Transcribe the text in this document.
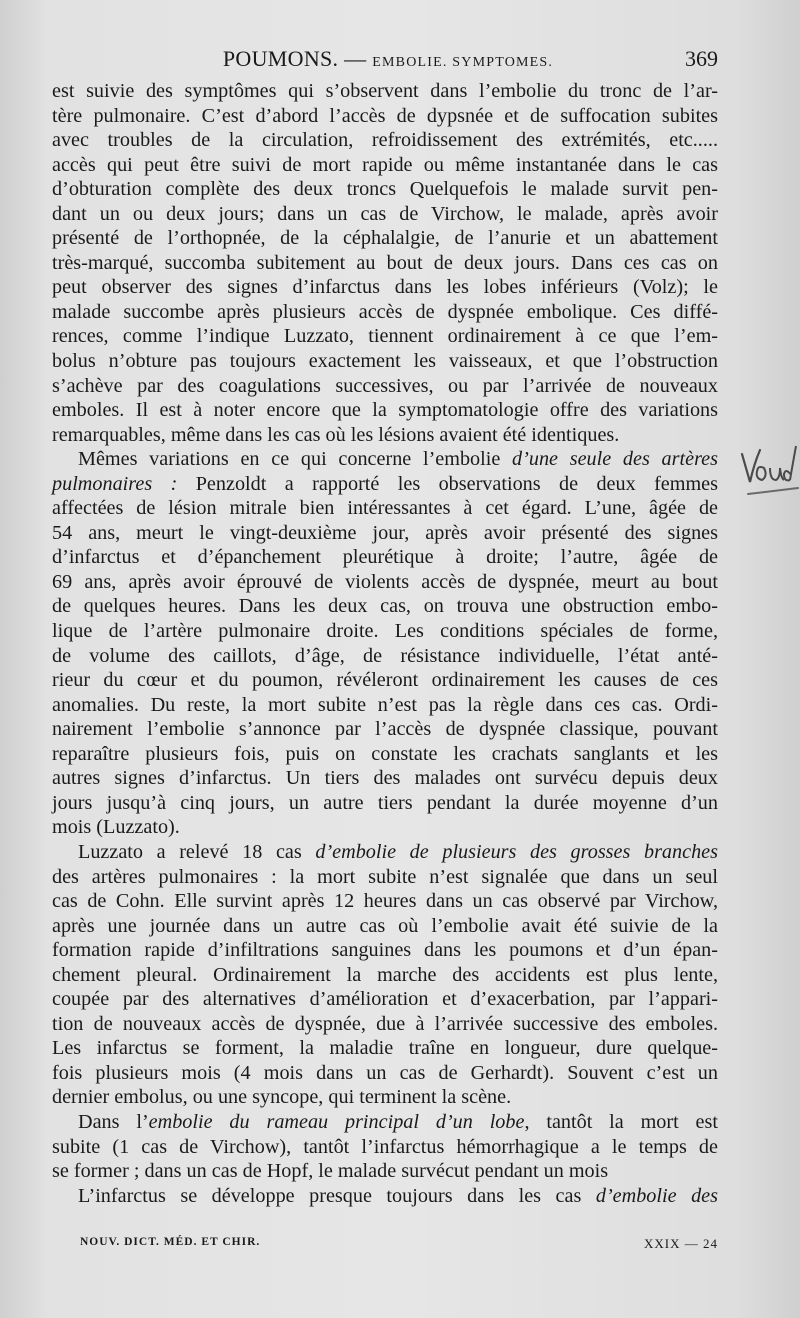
POUMONS. — EMBOLIE. SYMPTOMES.	369
est suivie des symptômes qui s’observent dans l’embolie du tronc de l’ar-
tère pulmonaire. C’est d’abord l’accès de dypsnée et de suffocation subites
avec troubles de la circulation, refroidissement des extrémités, etc.....
accès qui peut être suivi de mort rapide ou même instantanée dans le cas
d’obturation complète des deux troncs Quelquefois le malade survit pen-
dant un ou deux jours; dans un cas de Virchow, le malade, après avoir
présenté de l’orthopnée, de la céphalalgie, de l’anurie et un abattement
très-marqué, succomba subitement au bout de deux jours. Dans ces cas on
peut observer des signes d’infarctus dans les lobes inférieurs (Volz); le
malade succombe après plusieurs accès de dyspnée embolique. Ces diffé-
rences, comme l’indique Luzzato, tiennent ordinairement à ce que l’em-
bolus n’obture pas toujours exactement les vaisseaux, et que l’obstruction
s’achève par des coagulations successives, ou par l’arrivée de nouveaux
emboles. Il est à noter encore que la symptomatologie offre des variations
remarquables, même dans les cas où les lésions avaient été identiques.
Mêmes variations en ce qui concerne l’embolie d’une seule des artères
pulmonaires : Penzoldt a rapporté les observations de deux femmes
affectées de lésion mitrale bien intéressantes à cet égard. L’une, âgée de
54 ans, meurt le vingt-deuxième jour, après avoir présenté des signes
d’infarctus et d’épanchement pleurétique à droite; l’autre, âgée de
69 ans, après avoir éprouvé de violents accès de dyspnée, meurt au bout
de quelques heures. Dans les deux cas, on trouva une obstruction embo-
lique de l’artère pulmonaire droite. Les conditions spéciales de forme,
de volume des caillots, d’âge, de résistance individuelle, l’état anté-
rieur du cœur et du poumon, révéleront ordinairement les causes de ces
anomalies. Du reste, la mort subite n’est pas la règle dans ces cas. Ordi-
nairement l’embolie s’annonce par l’accès de dyspnée classique, pouvant
reparaître plusieurs fois, puis on constate les crachats sanglants et les
autres signes d’infarctus. Un tiers des malades ont survécu depuis deux
jours jusqu’à cinq jours, un autre tiers pendant la durée moyenne d’un
mois (Luzzato).
Luzzato a relevé 18 cas d’embolie de plusieurs des grosses branches
des artères pulmonaires : la mort subite n’est signalée que dans un seul
cas de Cohn. Elle survint après 12 heures dans un cas observé par Virchow,
après une journée dans un autre cas où l’embolie avait été suivie de la
formation rapide d’infiltrations sanguines dans les poumons et d’un épan-
chement pleural. Ordinairement la marche des accidents est plus lente,
coupée par des alternatives d’amélioration et d’exacerbation, par l’appari-
tion de nouveaux accès de dyspnée, due à l’arrivée successive des emboles.
Les infarctus se forment, la maladie traîne en longueur, dure quelque-
fois plusieurs mois (4 mois dans un cas de Gerhardt). Souvent c’est un
dernier embolus, ou une syncope, qui terminent la scène.
Dans l’embolie du rameau principal d’un lobe, tantôt la mort est
subite (1 cas de Virchow), tantôt l’infarctus hémorrhagique a le temps de
se former ; dans un cas de Hopf, le malade survécut pendant un mois
L’infarctus se développe presque toujours dans les cas d’embolie des
NOUV. DICT. MÉD. ET CHIR.	XXIX — 24
